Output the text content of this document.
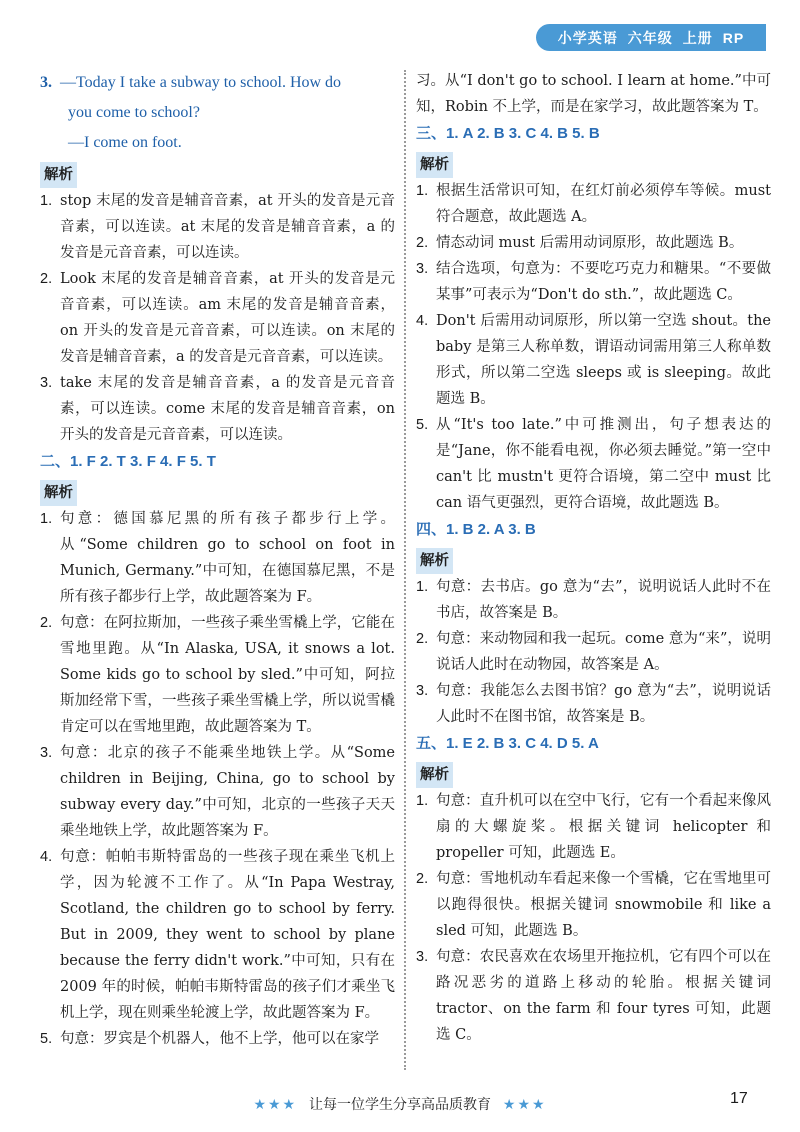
小学英语 六年级 上册 RP
3. —Today I take a subway to school. How do
you come to school?
—I come on foot.
解析
1. stop 末尾的发音是辅音音素，at 开头的发音是元音音素，可以连读。at 末尾的发音是辅音音素，a 的发音是元音音素，可以连读。
2. Look 末尾的发音是辅音音素，at 开头的发音是元音音素，可以连读。am 末尾的发音是辅音音素，on 开头的发音是元音音素，可以连读。on 末尾的发音是辅音音素，a 的发音是元音音素，可以连读。
3. take 末尾的发音是辅音音素，a 的发音是元音音素，可以连读。come 末尾的发音是辅音音素，on 开头的发音是元音音素，可以连读。
二、1. F 2. T 3. F 4. F 5. T
解析
1. 句意：德国慕尼黑的所有孩子都步行上学。从“Some children go to school on foot in Munich, Germany.”中可知，在德国慕尼黑，不是所有孩子都步行上学，故此题答案为 F。
2. 句意：在阿拉斯加，一些孩子乘坐雪橇上学，它能在雪地里跑。从“In Alaska, USA, it snows a lot. Some kids go to school by sled.”中可知，阿拉斯加经常下雪，一些孩子乘坐雪橇上学，所以说雪橇肯定可以在雪地里跑，故此题答案为 T。
3. 句意：北京的孩子不能乘坐地铁上学。从“Some children in Beijing, China, go to school by subway every day.”中可知，北京的一些孩子天天乘坐地铁上学，故此题答案为 F。
4. 句意：帕帕韦斯特雷岛的一些孩子现在乘坐飞机上学，因为轮渡不工作了。从“In Papa Westray, Scotland, the children go to school by ferry. But in 2009, they went to school by plane because the ferry didn't work.”中可知，只有在 2009 年的时候，帕帕韦斯特雷岛的孩子们才乘坐飞机上学，现在则乘坐轮渡上学，故此题答案为 F。
5. 句意：罗宾是个机器人，他不上学，他可以在家学
习。从“I don't go to school. I learn at home.”中可知，Robin 不上学，而是在家学习，故此题答案为 T。
三、1. A 2. B 3. C 4. B 5. B
解析
1. 根据生活常识可知，在红灯前必须停车等候。must 符合题意，故此题选 A。
2. 情态动词 must 后需用动词原形，故此题选 B。
3. 结合选项，句意为：不要吃巧克力和糖果。“不要做某事”可表示为“Don't do sth.”，故此题选 C。
4. Don't 后需用动词原形，所以第一空选 shout。the baby 是第三人称单数，谓语动词需用第三人称单数形式，所以第二空选 sleeps 或 is sleeping。故此题选 B。
5. 从“It's too late.”中可推测出，句子想表达的是“Jane，你不能看电视，你必须去睡觉。”第一空中 can't 比 mustn't 更符合语境，第二空中 must 比 can 语气更强烈，更符合语境，故此题选 B。
四、1. B 2. A 3. B
解析
1. 句意：去书店。go 意为“去”，说明说话人此时不在书店，故答案是 B。
2. 句意：来动物园和我一起玩。come 意为“来”，说明说话人此时在动物园，故答案是 A。
3. 句意：我能怎么去图书馆？go 意为“去”，说明说话人此时不在图书馆，故答案是 B。
五、1. E 2. B 3. C 4. D 5. A
解析
1. 句意：直升机可以在空中飞行，它有一个看起来像风扇的大螺旋桨。根据关键词 helicopter 和 propeller 可知，此题选 E。
2. 句意：雪地机动车看起来像一个雪橇，它在雪地里可以跑得很快。根据关键词 snowmobile 和 like a sled 可知，此题选 B。
3. 句意：农民喜欢在农场里开拖拉机，它有四个可以在路况恶劣的道路上移动的轮胎。根据关键词 tractor、on the farm 和 four tyres 可知，此题选 C。
★★★ 让每一位学生分享高品质教育 ★★★	17
